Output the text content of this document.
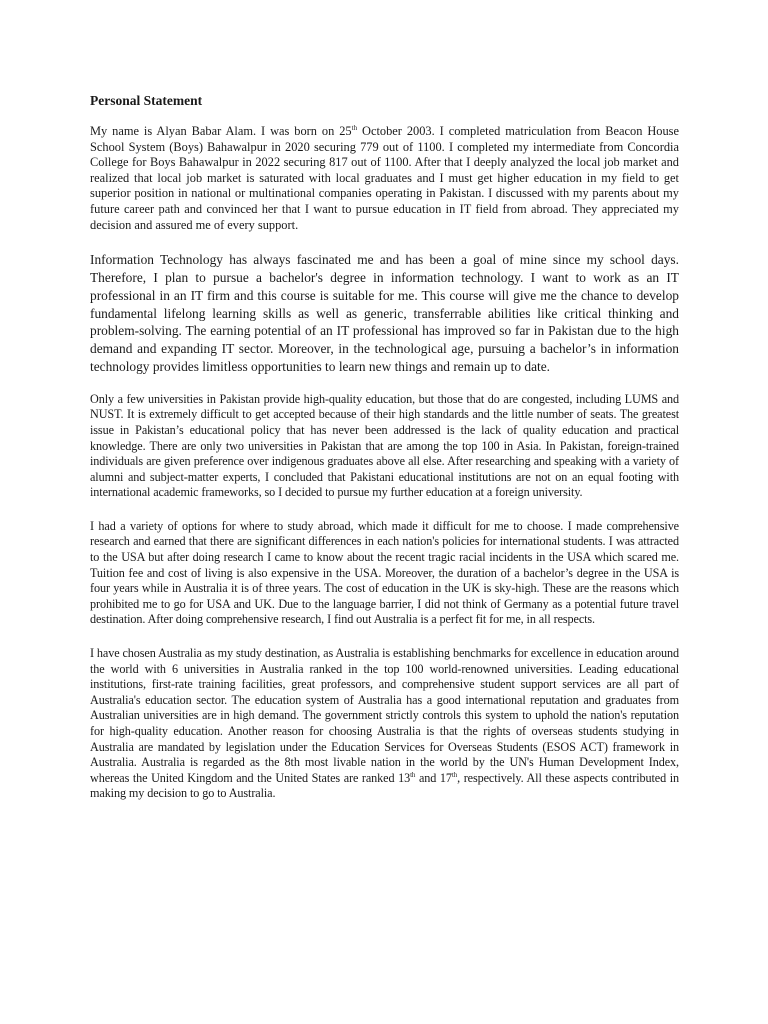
Personal Statement

My name is Alyan Babar Alam. I was born on 25th October 2003. I completed matriculation from Beacon House School System (Boys) Bahawalpur in 2020 securing 779 out of 1100. I completed my intermediate from Concordia College for Boys Bahawalpur in 2022 securing 817 out of 1100. After that I deeply analyzed the local job market and realized that local job market is saturated with local graduates and I must get higher education in my field to get superior position in national or multinational companies operating in Pakistan. I discussed with my parents about my future career path and convinced her that I want to pursue education in IT field from abroad. They appreciated my decision and assured me of every support.

Information Technology has always fascinated me and has been a goal of mine since my school days. Therefore, I plan to pursue a bachelor's degree in information technology. I want to work as an IT professional in an IT firm and this course is suitable for me. This course will give me the chance to develop fundamental lifelong learning skills as well as generic, transferrable abilities like critical thinking and problem-solving. The earning potential of an IT professional has improved so far in Pakistan due to the high demand and expanding IT sector. Moreover, in the technological age, pursuing a bachelor’s in information technology provides limitless opportunities to learn new things and remain up to date.

Only a few universities in Pakistan provide high-quality education, but those that do are congested, including LUMS and NUST. It is extremely difficult to get accepted because of their high standards and the little number of seats. The greatest issue in Pakistan’s educational policy that has never been addressed is the lack of quality education and practical knowledge. There are only two universities in Pakistan that are among the top 100 in Asia. In Pakistan, foreign-trained individuals are given preference over indigenous graduates above all else. After researching and speaking with a variety of alumni and subject-matter experts, I concluded that Pakistani educational institutions are not on an equal footing with international academic frameworks, so I decided to pursue my further education at a foreign university.

I had a variety of options for where to study abroad, which made it difficult for me to choose. I made comprehensive research and earned that there are significant differences in each nation's policies for international students. I was attracted to the USA but after doing research I came to know about the recent tragic racial incidents in the USA which scared me. Tuition fee and cost of living is also expensive in the USA. Moreover, the duration of a bachelor’s degree in the USA is four years while in Australia it is of three years. The cost of education in the UK is sky-high. These are the reasons which prohibited me to go for USA and UK. Due to the language barrier, I did not think of Germany as a potential future travel destination. After doing comprehensive research, I find out Australia is a perfect fit for me, in all respects.

I have chosen Australia as my study destination, as Australia is establishing benchmarks for excellence in education around the world with 6 universities in Australia ranked in the top 100 world-renowned universities. Leading educational institutions, first-rate training facilities, great professors, and comprehensive student support services are all part of Australia's education sector. The education system of Australia has a good international reputation and graduates from Australian universities are in high demand. The government strictly controls this system to uphold the nation's reputation for high-quality education. Another reason for choosing Australia is that the rights of overseas students studying in Australia are mandated by legislation under the Education Services for Overseas Students (ESOS ACT) framework in Australia. Australia is regarded as the 8th most livable nation in the world by the UN's Human Development Index, whereas the United Kingdom and the United States are ranked 13th and 17th, respectively. All these aspects contributed in making my decision to go to Australia.
